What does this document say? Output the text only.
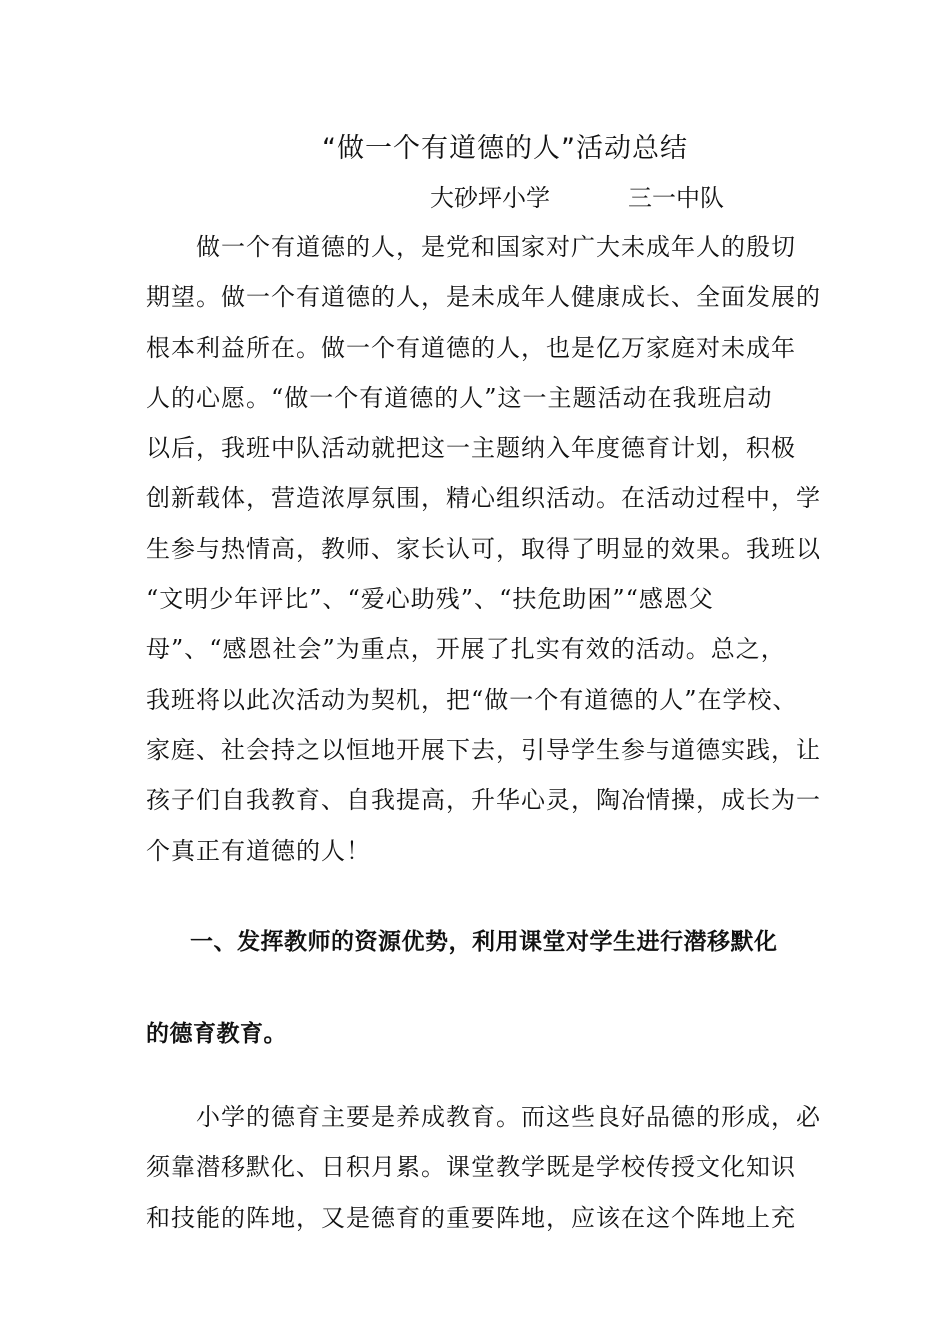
“做一个有道德的人”活动总结
大砂坪小学	三一中队
　　做一个有道德的人，是党和国家对广大未成年人的殷切
期望。做一个有道德的人，是未成年人健康成长、全面发展的
根本利益所在。做一个有道德的人，也是亿万家庭对未成年
人的心愿。“做一个有道德的人”这一主题活动在我班启动
以后，我班中队活动就把这一主题纳入年度德育计划，积极
创新载体，营造浓厚氛围，精心组织活动。在活动过程中，学
生参与热情高，教师、家长认可，取得了明显的效果。我班以
“文明少年评比”、“爱心助残”、“扶危助困”“感恩父
母”、“感恩社会”为重点，开展了扎实有效的活动。总之，
我班将以此次活动为契机，把“做一个有道德的人”在学校、
家庭、社会持之以恒地开展下去，引导学生参与道德实践，让
孩子们自我教育、自我提高，升华心灵，陶冶情操，成长为一
个真正有道德的人！
一、发挥教师的资源优势，利用课堂对学生进行潜移默化
的德育教育。
　　小学的德育主要是养成教育。而这些良好品德的形成，必
须靠潜移默化、日积月累。课堂教学既是学校传授文化知识
和技能的阵地，又是德育的重要阵地，应该在这个阵地上充
